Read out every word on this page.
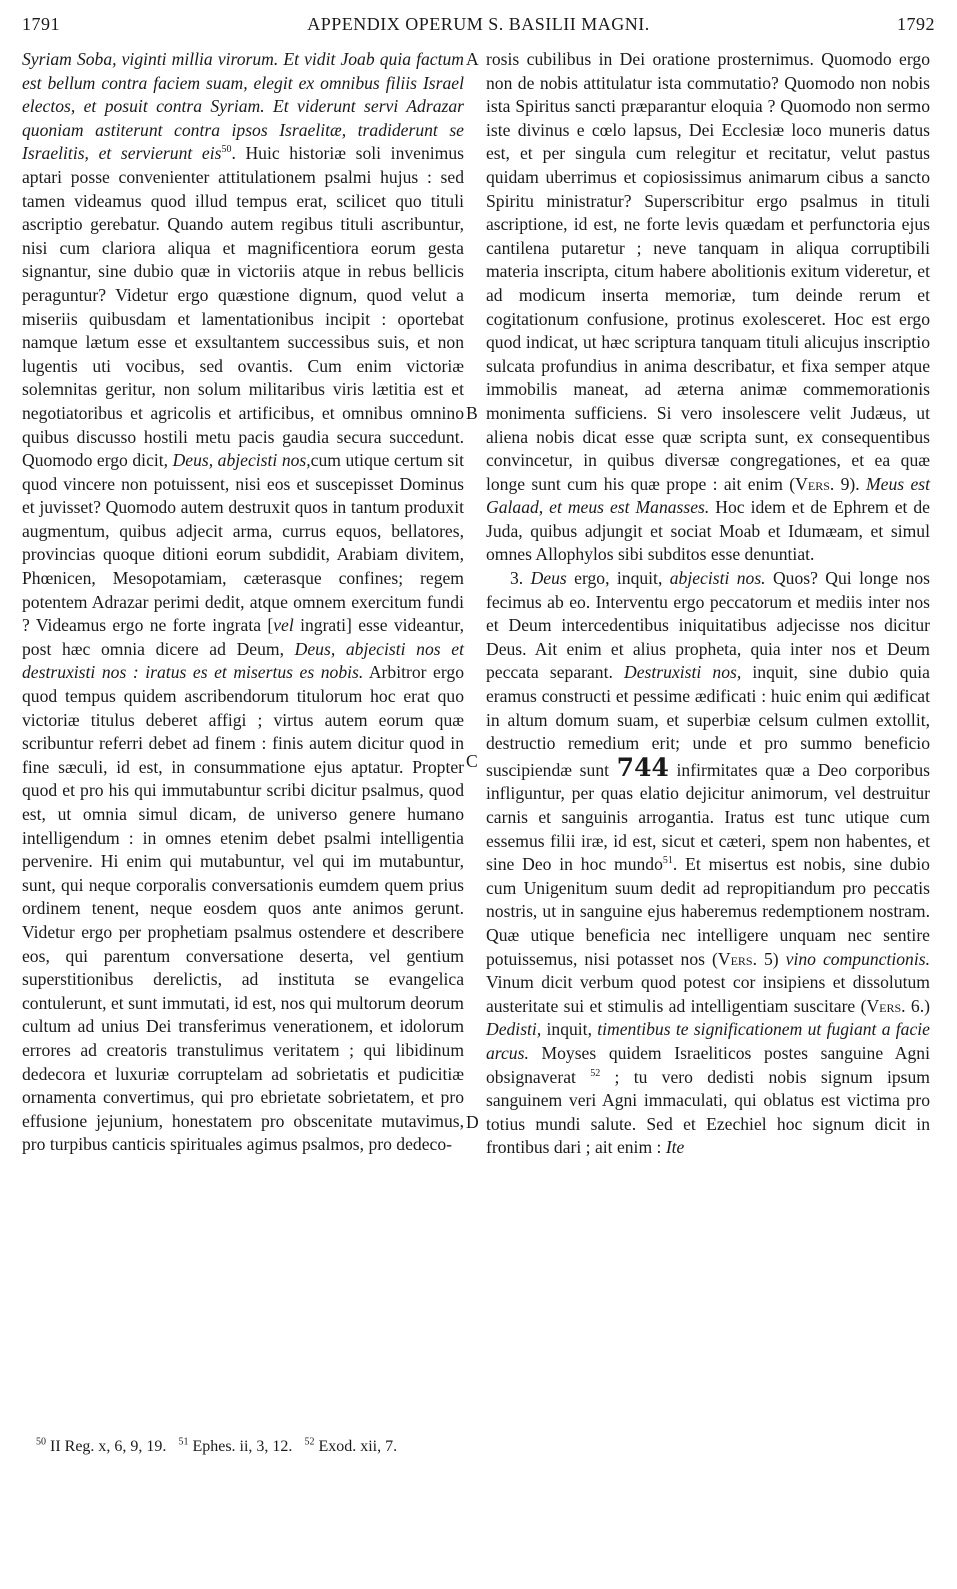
1791	APPENDIX OPERUM S. BASILII MAGNI.	1792

Syriam Soba, viginti millia virorum. Et vidit Joab quia factum est bellum contra faciem suam, elegit ex omnibus filiis Israel electos, et posuit contra Syriam. Et viderunt servi Adrazar quoniam astiterunt contra ipsos Israelitæ, tradiderunt se Israelitis, et servierunt eis$^{50}$. Huic historiæ soli invenimus aptari posse convenienter attitulationem psalmi hujus : sed tamen videamus quod illud tempus erat, scilicet quo tituli ascriptio gerebatur. Quando autem regibus tituli ascribuntur, nisi cum clariora aliqua et magnificentiora eorum gesta signantur, sine dubio quæ in victoriis atque in rebus bellicis peraguntur? Videtur ergo quæstione dignum, quod velut a miseriis quibusdam et lamentationibus incipit : oportebat namque lætum esse et exsultantem successibus suis, et non lugentis uti vocibus, sed ovantis. Cum enim victoriæ solemnitas geritur, non solum militaribus viris lætitia est et negotiatoribus et agricolis et artificibus, et omnibus omnino quibus discusso hostili metu pacis gaudia secura succedunt. Quomodo ergo dicit, Deus, abjecisti nos,cum utique certum sit quod vincere non potuissent, nisi eos et suscepisset Dominus et juvisset? Quomodo autem destruxit quos in tantum produxit augmentum, quibus adjecit arma, currus equos, bellatores, provincias quoque ditioni eorum subdidit, Arabiam divitem, Phœnicen, Mesopotamiam, cæterasque confines; regem potentem Adrazar perimi dedit, atque omnem exercitum fundi ? Videamus ergo ne forte ingrata [vel ingrati] esse videantur, post hæc omnia dicere ad Deum, Deus, abjecisti nos et destruxisti nos : iratus es et misertus es nobis. Arbitror ergo quod tempus quidem ascribendorum titulorum hoc erat quo victoriæ titulus deberet affigi ; virtus autem eorum quæ scribuntur referri debet ad finem : finis autem dicitur quod in fine sæculi, id est, in consummatione ejus aptatur. Propter quod et pro his qui immutabuntur scribi dicitur psalmus, quod est, ut omnia simul dicam, de universo genere humano intelligendum : in omnes etenim debet psalmi intelligentia pervenire. Hi enim qui mutabuntur, vel qui im mutabuntur, sunt, qui neque corporalis conversationis eumdem quem prius ordinem tenent, neque eosdem quos ante animos gerunt. Videtur ergo per prophetiam psalmus ostendere et describere eos, qui parentum conversatione deserta, vel gentium superstitionibus derelictis, ad instituta se evangelica contulerunt, et sunt immutati, id est, nos qui multorum deorum cultum ad unius Dei transferimus venerationem, et idolorum errores ad creatoris transtulimus veritatem ; qui libidinum dedecora et luxuriæ corruptelam ad sobrietatis et pudicitiæ ornamenta convertimus, qui pro ebrietate sobrietatem, et pro effusione jejunium, honestatem pro obscenitate mutavimus, pro turpibus canticis spirituales agimus psalmos, pro dedeco-

A
B
C
D

rosis cubilibus in Dei oratione prosternimus. Quomodo ergo non de nobis attitulatur ista commutatio? Quomodo non nobis ista Spiritus sancti præparantur eloquia ? Quomodo non sermo iste divinus e cœlo lapsus, Dei Ecclesiæ loco muneris datus est, et per singula cum relegitur et recitatur, velut pastus quidam uberrimus et copiosissimus animarum cibus a sancto Spiritu ministratur? Superscribitur ergo psalmus in tituli ascriptione, id est, ne forte levis quædam et perfunctoria ejus cantilena putaretur ; neve tanquam in aliqua corruptibili materia inscripta, citum habere abolitionis exitum videretur, et ad modicum inserta memoriæ, tum deinde rerum et cogitationum confusione, protinus exolesceret. Hoc est ergo quod indicat, ut hæc scriptura tanquam tituli alicujus inscriptio sulcata profundius in anima describatur, et fixa semper atque immobilis maneat, ad æterna animæ commemorationis monimenta sufficiens. Si vero insolescere velit Judæus, ut aliena nobis dicat esse quæ scripta sunt, ex consequentibus convincetur, in quibus diversæ congregationes, et ea quæ longe sunt cum his quæ prope : ait enim (Vers. 9). Meus est Galaad, et meus est Manasses. Hoc idem et de Ephrem et de Juda, quibus adjungit et sociat Moab et Idumæam, et simul omnes Allophylos sibi subditos esse denuntiat.

3. Deus ergo, inquit, abjecisti nos. Quos? Qui longe nos fecimus ab eo. Interventu ergo peccatorum et mediis inter nos et Deum intercedentibus iniquitatibus adjecisse nos dicitur Deus. Ait enim et alius propheta, quia inter nos et Deum peccata separant. Destruxisti nos, inquit, sine dubio quia eramus constructi et pessime ædificati : huic enim qui ædificat in altum domum suam, et superbiæ celsum culmen extollit, destructio remedium erit; unde et pro summo beneficio suscipiendæ sunt 744 infirmitates quæ a Deo corporibus infliguntur, per quas elatio dejicitur animorum, vel destruitur carnis et sanguinis arrogantia. Iratus est tunc utique cum essemus filii iræ, id est, sicut et cæteri, spem non habentes, et sine Deo in hoc mundo$^{51}$. Et misertus est nobis, sine dubio cum Unigenitum suum dedit ad repropitiandum pro peccatis nostris, ut in sanguine ejus haberemus redemptionem nostram. Quæ utique beneficia nec intelligere unquam nec sentire potuissemus, nisi potasset nos (Vers. 5) vino compunctionis. Vinum dicit verbum quod potest cor insipiens et dissolutum austeritate sui et stimulis ad intelligentiam suscitare (Vers. 6.) Dedisti, inquit, timentibus te significationem ut fugiant a facie arcus. Moyses quidem Israeliticos postes sanguine Agni obsignaverat $^{52}$ ; tu vero dedisti nobis signum ipsum sanguinem veri Agni immaculati, qui oblatus est victima pro totius mundi salute. Sed et Ezechiel hoc signum dicit in frontibus dari ; ait enim : Ite

$^{50}$ II Reg. x, 6, 9, 19.   $^{51}$ Ephes. ii, 3, 12.   $^{52}$ Exod. xii, 7.
